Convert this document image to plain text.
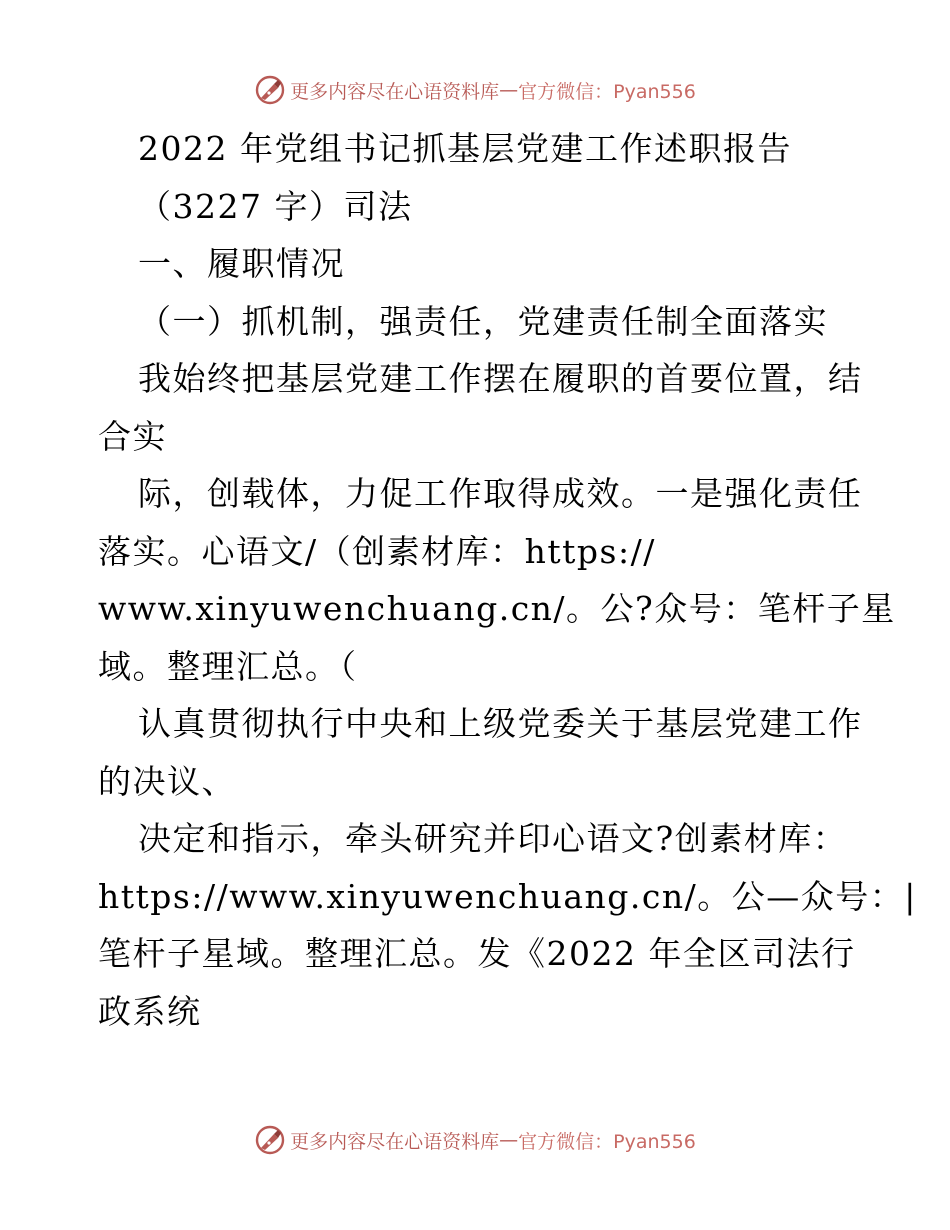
更多内容尽在心语资料库 — 官方微信：Pyan556
2022 年党组书记抓基层党建工作述职报告
（3227 字）司法
一、履职情况
（一）抓机制，强责任，党建责任制全面落实
我始终把基层党建工作摆在履职的首要位置，结
合实
际，创载体，力促工作取得成效。一是强化责任
落实。心语文/（创素材库：https://
www.xinyuwenchuang.cn/。公?众号：笔杆子星
域。整理汇总。（
认真贯彻执行中央和上级党委关于基层党建工作
的决议、
决定和指示，牵头研究并印心语文?创素材库：
https://www.xinyuwenchuang.cn/。公—众号：|
笔杆子星域。整理汇总。发《2022 年全区司法行
政系统
更多内容尽在心语资料库 — 官方微信：Pyan556
